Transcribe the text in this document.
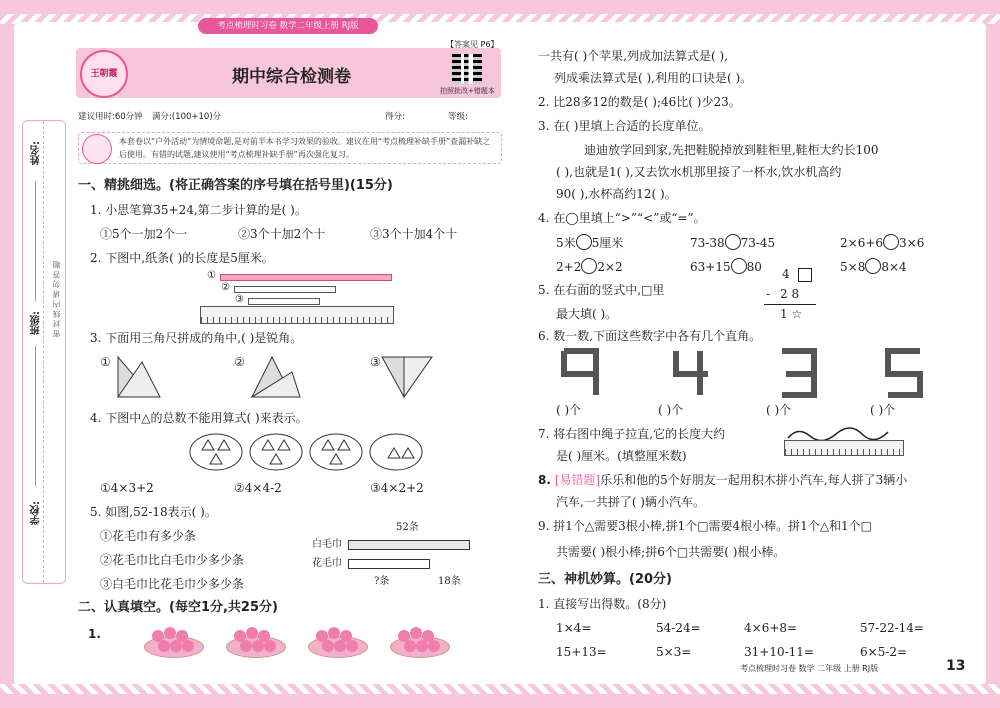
考点梳理时习卷 数学二年级上册 RJ版
姓名:
班级:
学校:
密 封 线 内 请 勿 答 题
王朝霞	期中综合检测卷
【答案见 P6】
拍照批改+错题本
建议用时:60分钟 满分:(100+10)分	得分:	等级:
本套卷以“户外活动”为情境命题,是对前半本书学习效果的验收。建议在用“考点梳理补缺手册”查漏补缺之后使用。有错的试题,建议使用“考点梳理补缺手册”再次强化复习。
一、精挑细选。(将正确答案的序号填在括号里)(15分)
1. 小思笔算35+24,第二步计算的是( )。
①5个一加2个一	②3个十加2个十	③3个十加4个十
2. 下图中,纸条( )的长度是5厘米。
①
②
③
3. 下面用三角尺拼成的角中,( )是锐角。
①	②	③
4. 下图中△的总数不能用算式( )来表示。
①4×3+2	②4×4-2	③4×2+2
5. 如图,52-18表示( )。
①花毛巾有多少条
②花毛巾比白毛巾少多少条
③白毛巾比花毛巾少多少条
52条
白毛巾
花毛巾
?条	18条
二、认真填空。(每空1分,共25分)
1.
一共有( )个苹果,列成加法算式是( ),
列成乘法算式是( ),利用的口诀是( )。
2. 比28多12的数是( );46比( )少23。
3. 在( )里填上合适的长度单位。
迪迪放学回到家,先把鞋脱掉放到鞋柜里,鞋柜大约长100
( ),也就是1( ),又去饮水机那里接了一杯水,饮水机高约
90( ),水杯高约12( )。
4. 在◯里填上“>”“<”或“=”。
5米 5厘米	73-38 73-45	2×6+6 3×6
2+2 2×2	63+15 80	5×8 8×4
5. 在右面的竖式中,□里
最大填( )。
4
- 2 8
1 ☆
6. 数一数,下面这些数字中各有几个直角。
( )个	( )个	( )个	( )个
7. 将右图中绳子拉直,它的长度大约
是( )厘米。(填整厘米数)
8. [易错题]乐乐和他的5个好朋友一起用积木拼小汽车,每人拼了3辆小
汽车,一共拼了( )辆小汽车。
9. 拼1个△需要3根小棒,拼1个□需要4根小棒。拼1个△和1个□
共需要( )根小棒;拼6个□共需要( )根小棒。
三、神机妙算。(20分)
1. 直接写出得数。(8分)
1×4=	54-24=	4×6+8=	57-22-14=
15+13=	5×3=	31+10-11=	6×5-2=
考点梳理时习卷 数学 二年级 上册 RJ版	13
